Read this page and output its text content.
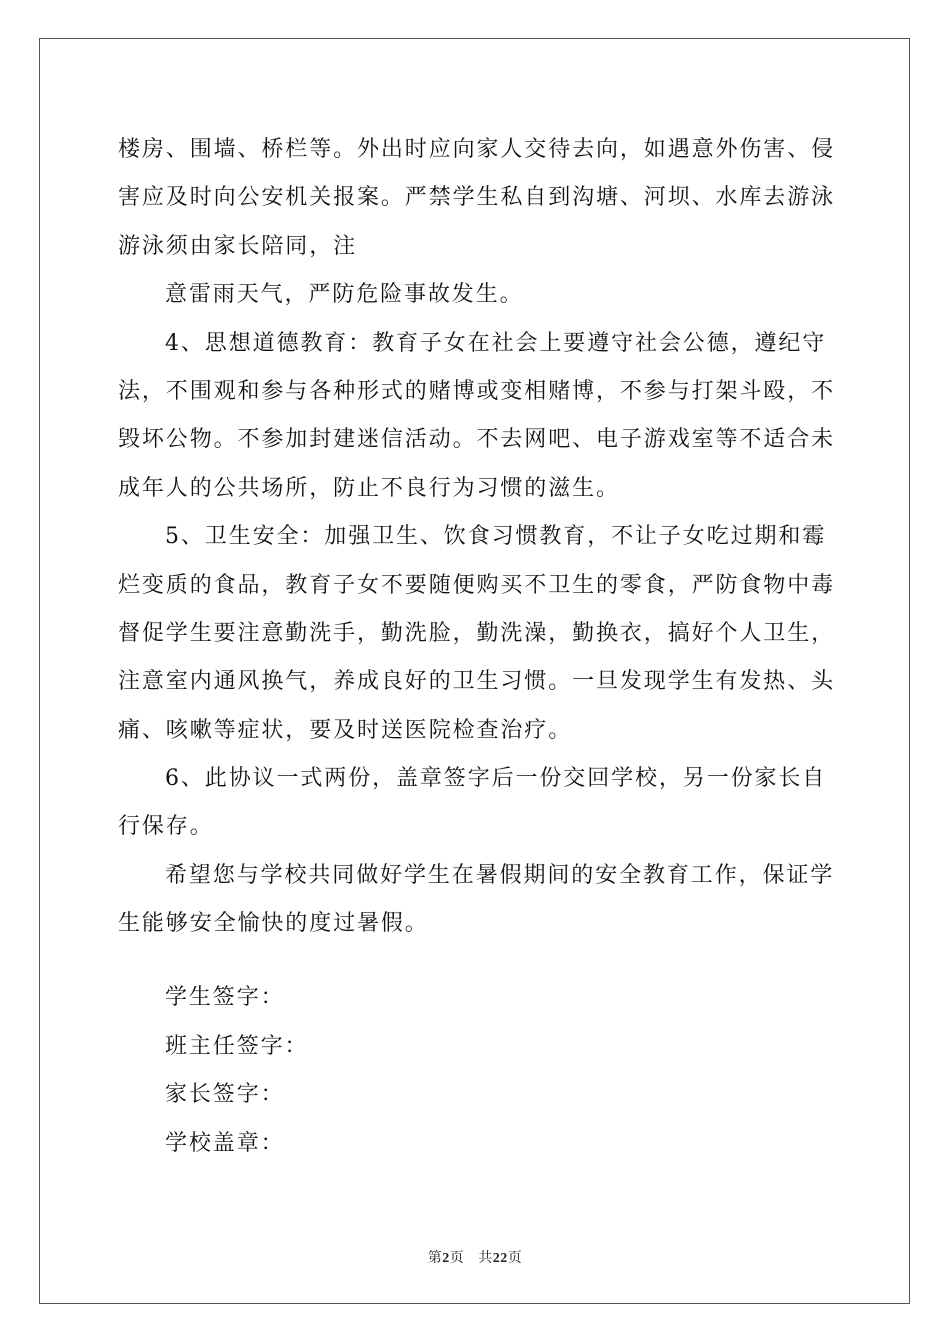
楼房、围墙、桥栏等。外出时应向家人交待去向，如遇意外伤害、侵
害应及时向公安机关报案。严禁学生私自到沟塘、河坝、水库去游泳
游泳须由家长陪同，注
意雷雨天气，严防危险事故发生。
4、思想道德教育：教育子女在社会上要遵守社会公德，遵纪守
法，不围观和参与各种形式的赌博或变相赌博，不参与打架斗殴，不
毁坏公物。不参加封建迷信活动。不去网吧、电子游戏室等不适合未
成年人的公共场所，防止不良行为习惯的滋生。
5、卫生安全：加强卫生、饮食习惯教育，不让子女吃过期和霉
烂变质的食品，教育子女不要随便购买不卫生的零食，严防食物中毒
督促学生要注意勤洗手，勤洗脸，勤洗澡，勤换衣，搞好个人卫生，
注意室内通风换气，养成良好的卫生习惯。一旦发现学生有发热、头
痛、咳嗽等症状，要及时送医院检查治疗。
6、此协议一式两份，盖章签字后一份交回学校，另一份家长自
行保存。
希望您与学校共同做好学生在暑假期间的安全教育工作，保证学
生能够安全愉快的度过暑假。
学生签字：
班主任签字：
家长签字：
学校盖章：
第2页 共22页
